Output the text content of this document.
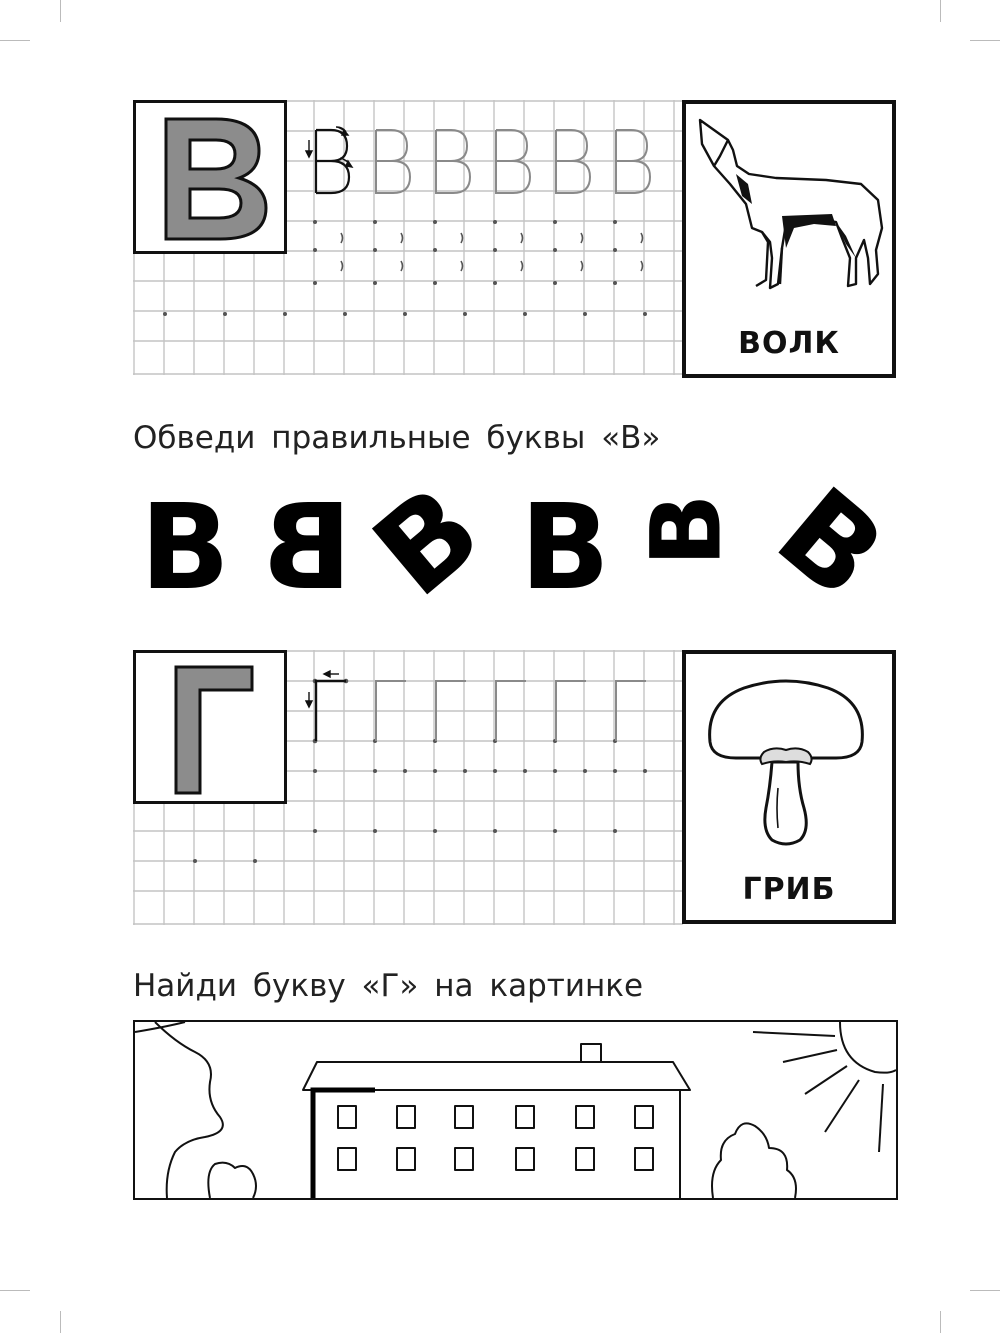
ВОЛК
Обведи правильные буквы «В»
В В
В В В В
ГРИБ
Найди букву «Г» на картинке
